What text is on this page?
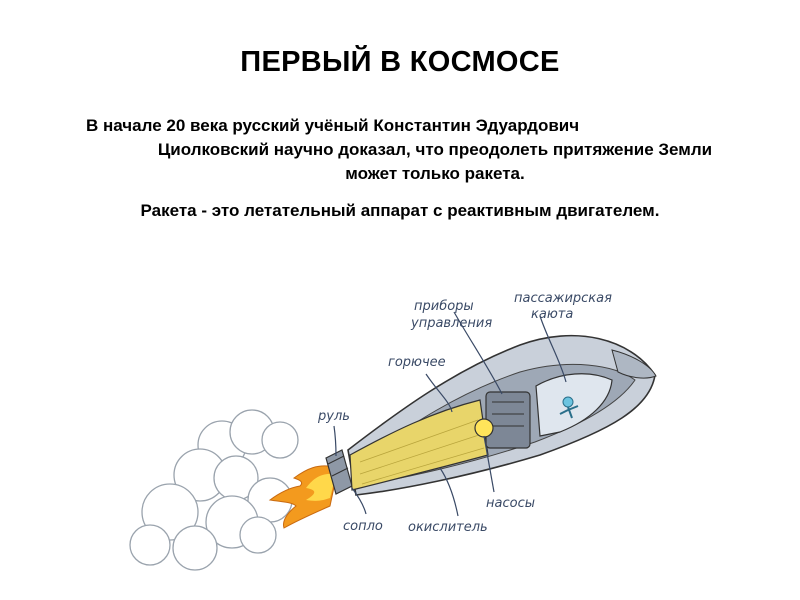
ПЕРВЫЙ В КОСМОСЕ
В начале 20 века русский учёный Константин Эдуардович
Циолковский научно доказал, что преодолеть притяжение Земли
может только ракета.
Ракета - это летательный аппарат с реактивным двигателем.
приборы
управления
пассажирская
каюта
горючее
руль
сопло окислитель
насосы
